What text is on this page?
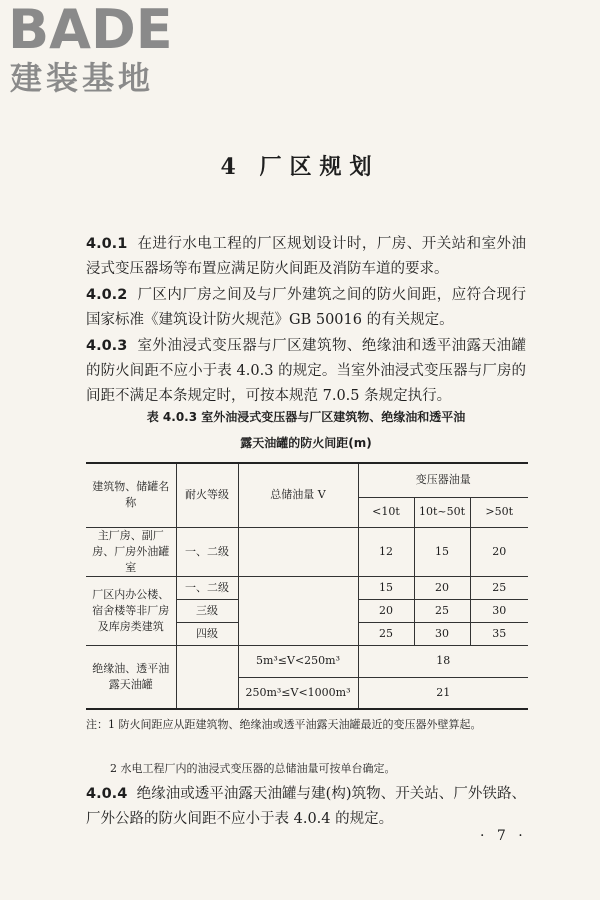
BADE
建装基地
4 厂区规划
4.0.1 在进行水电工程的厂区规划设计时，厂房、开关站和室外油浸式变压器场等布置应满足防火间距及消防车道的要求。
4.0.2 厂区内厂房之间及与厂外建筑之间的防火间距，应符合现行国家标准《建筑设计防火规范》GB 50016 的有关规定。
4.0.3 室外油浸式变压器与厂区建筑物、绝缘油和透平油露天油罐的防火间距不应小于表 4.0.3 的规定。当室外油浸式变压器与厂房的间距不满足本条规定时，可按本规范 7.0.5 条规定执行。
表 4.0.3 室外油浸式变压器与厂区建筑物、绝缘油和透平油
露天油罐的防火间距(m)
建筑物、储罐名称	耐火等级	总储油量 V	变压器油量		
			<10t	10t~50t	>50t
主厂房、副厂房、厂房外油罐室	一、二级		12	15	20
厂区内办公楼、宿舍楼等非厂房及库房类建筑	一、二级		15	20	25
	三级		20	25	30
	四级		25	30	35
绝缘油、透平油露天油罐		5m³≤V<250m³	18		
		250m³≤V<1000m³	21		
注：1 防火间距应从距建筑物、绝缘油或透平油露天油罐最近的变压器外壁算起。
2 水电工程厂内的油浸式变压器的总储油量可按单台确定。
4.0.4 绝缘油或透平油露天油罐与建(构)筑物、开关站、厂外铁路、厂外公路的防火间距不应小于表 4.0.4 的规定。
· 7 ·
